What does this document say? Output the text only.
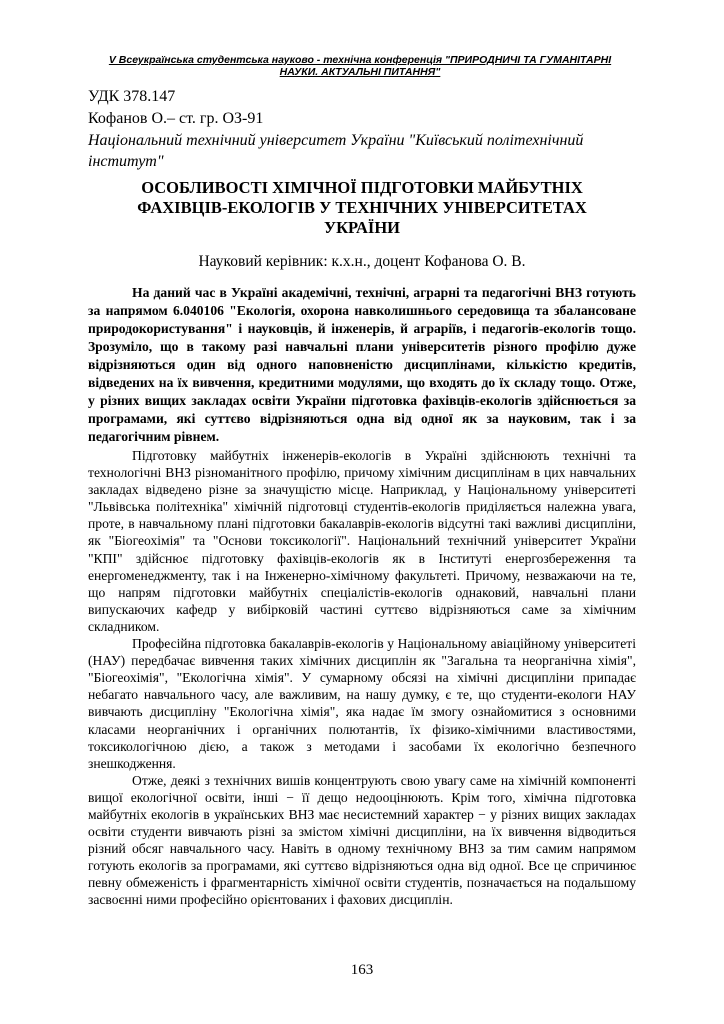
V Всеукраїнська студентська науково - технічна конференція "ПРИРОДНИЧІ ТА ГУМАНІТАРНІ НАУКИ. АКТУАЛЬНІ ПИТАННЯ"
УДК 378.147
Кофанов О.– ст. гр. ОЗ-91
Національний технічний університет України "Київський політехнічний інститут"
ОСОБЛИВОСТІ ХІМІЧНОЇ ПІДГОТОВКИ МАЙБУТНІХ ФАХІВЦІВ-ЕКОЛОГІВ У ТЕХНІЧНИХ УНІВЕРСИТЕТАХ УКРАЇНИ
Науковий керівник: к.х.н., доцент Кофанова О. В.

На даний час в Україні академічні, технічні, аграрні та педагогічні ВНЗ готують за напрямом 6.040106 "Екологія, охорона навколишнього середовища та збалансоване природокористування" і науковців, й інженерів, й аграріїв, і педагогів-екологів тощо. Зрозуміло, що в такому разі навчальні плани університетів різного профілю дуже відрізняються один від одного наповненістю дисциплінами, кількістю кредитів, відведених на їх вивчення, кредитними модулями, що входять до їх складу тощо. Отже, у різних вищих закладах освіти України підготовка фахівців-екологів здійснюється за програмами, які суттєво відрізняються одна від одної як за науковим, так і за педагогічним рівнем.

Підготовку майбутніх інженерів-екологів в Україні здійснюють технічні та технологічні ВНЗ різноманітного профілю, причому хімічним дисциплінам в цих навчальних закладах відведено різне за значущістю місце. Наприклад, у Національному університеті "Львівська політехніка" хімічній підготовці студентів-екологів приділяється належна увага, проте, в навчальному плані підготовки бакалаврів-екологів відсутні такі важливі дисципліни, як "Біогеохімія" та "Основи токсикології". Національний технічний університет України "КПІ" здійснює підготовку фахівців-екологів як в Інституті енергозбереження та енергоменеджменту, так і на Інженерно-хімічному факультеті. Причому, незважаючи на те, що напрям підготовки майбутніх спеціалістів-екологів однаковий, навчальні плани випускаючих кафедр у вибірковій частині суттєво відрізняються саме за хімічним складником.

Професійна підготовка бакалаврів-екологів у Національному авіаційному університеті (НАУ) передбачає вивчення таких хімічних дисциплін як "Загальна та неорганічна хімія", "Біогеохімія", "Екологічна хімія". У сумарному обсязі на хімічні дисципліни припадає небагато навчального часу, але важливим, на нашу думку, є те, що студенти-екологи НАУ вивчають дисципліну "Екологічна хімія", яка надає їм змогу ознайомитися з основними класами неорганічних і органічних полютантів, їх фізико-хімічними властивостями, токсикологічною дією, а також з методами і засобами їх екологічно безпечного знешкодження.

Отже, деякі з технічних вишів концентрують свою увагу саме на хімічній компоненті вищої екологічної освіти, інші − її дещо недооцінюють. Крім того, хімічна підготовка майбутніх екологів в українських ВНЗ має несистемний характер − у різних вищих закладах освіти студенти вивчають різні за змістом хімічні дисципліни, на їх вивчення відводиться різний обсяг навчального часу. Навіть в одному технічному ВНЗ за тим самим напрямом готують екологів за програмами, які суттєво відрізняються одна від одної. Все це спричинює певну обмеженість і фрагментарність хімічної освіти студентів, позначається на подальшому засвоєнні ними професійно орієнтованих і фахових дисциплін.

163
